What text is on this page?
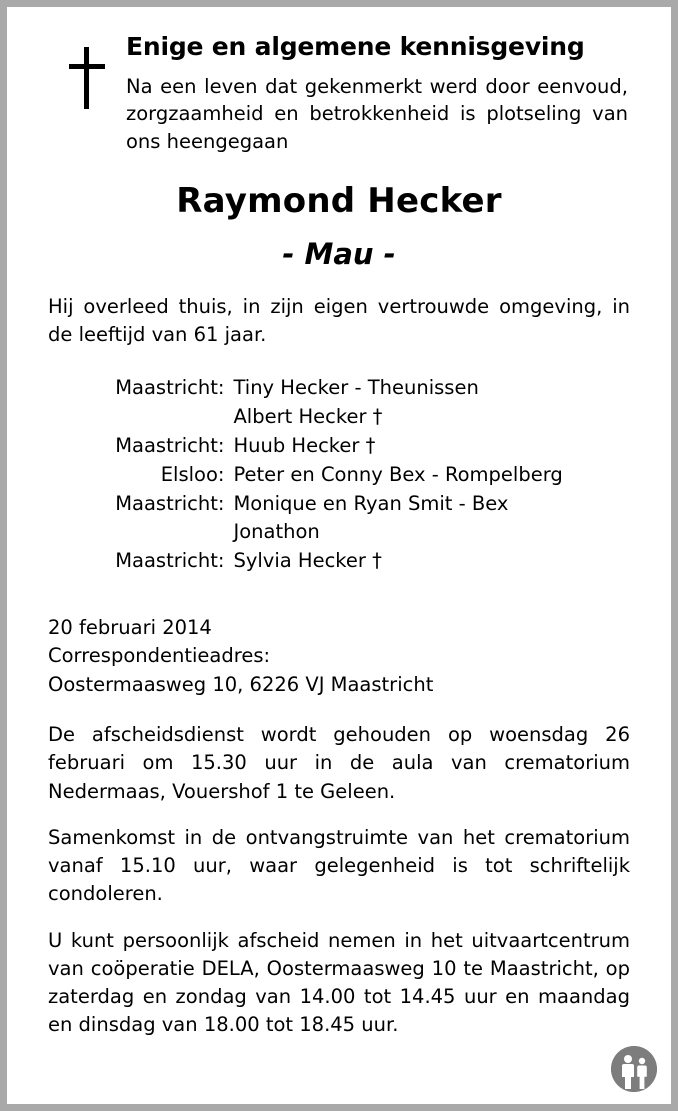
Enige en algemene kennisgeving
Na een leven dat gekenmerkt werd door eenvoud, zorgzaamheid en betrokkenheid is plotseling van ons heengegaan
Raymond Hecker
- Mau -
Hij overleed thuis, in zijn eigen vertrouwde omgeving, in de leeftijd van 61 jaar.
Maastricht:	Tiny Hecker - Theunissen
	Albert Hecker †
Maastricht:	Huub Hecker †
Elsloo:	Peter en Conny Bex - Rompelberg
Maastricht:	Monique en Ryan Smit - Bex
	Jonathon
Maastricht:	Sylvia Hecker †
20 februari 2014
Correspondentieadres:
Oostermaasweg 10, 6226 VJ Maastricht
De afscheidsdienst wordt gehouden op woensdag 26 februari om 15.30 uur in de aula van crematorium Nedermaas, Vouershof 1 te Geleen.
Samenkomst in de ontvangstruimte van het crematorium vanaf 15.10 uur, waar gelegenheid is tot schriftelijk condoleren.
U kunt persoonlijk afscheid nemen in het uitvaartcentrum van coöperatie DELA, Oostermaasweg 10 te Maastricht, op zaterdag en zondag van 14.00 tot 14.45 uur en maandag en dinsdag van 18.00 tot 18.45 uur.
